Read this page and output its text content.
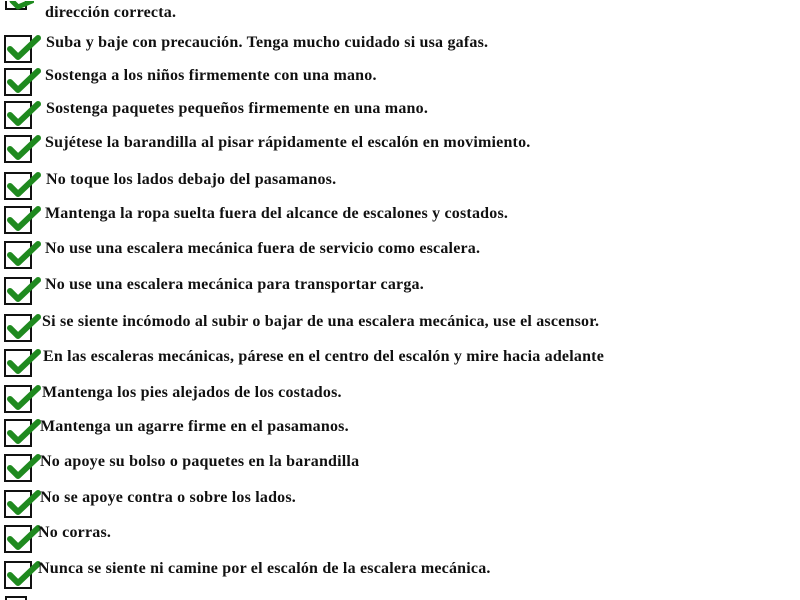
dirección correcta.
Suba y baje con precaución. Tenga mucho cuidado si usa gafas.
Sostenga a los niños firmemente con una mano.
Sostenga paquetes pequeños firmemente en una mano.
Sujétese la barandilla al pisar rápidamente el escalón en movimiento.
No toque los lados debajo del pasamanos.
Mantenga la ropa suelta fuera del alcance de escalones y costados.
No use una escalera mecánica fuera de servicio como escalera.
No use una escalera mecánica para transportar carga.
Si se siente incómodo al subir o bajar de una escalera mecánica, use el ascensor.
En las escaleras mecánicas, párese en el centro del escalón y mire hacia adelante
Mantenga los pies alejados de los costados.
Mantenga un agarre firme en el pasamanos.
No apoye su bolso o paquetes en la barandilla
No se apoye contra o sobre los lados.
No corras.
Nunca se siente ni camine por el escalón de la escalera mecánica.
